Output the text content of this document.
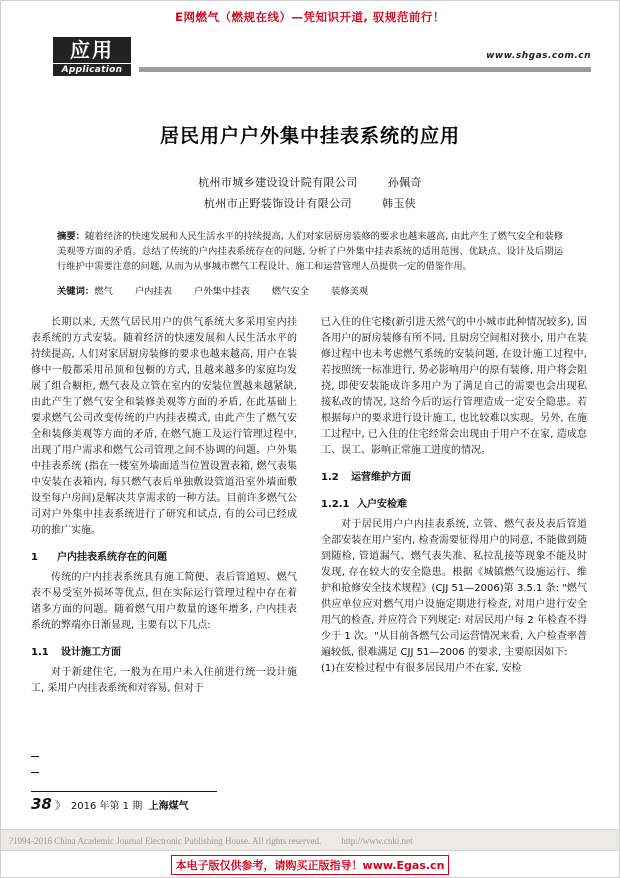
E网燃气（燃规在线）—凭知识开道, 驭规范前行！
应用
Application
www.shgas.com.cn
居民用户户外集中挂表系统的应用
杭州市城乡建设设计院有限公司	孙佩奇
杭州市正野装饰设计有限公司	韩玉侠
摘要：随着经济的快速发展和人民生活水平的持续提高, 人们对家居厨房装修的要求也越来越高, 由此产生了燃气安全和装修美观等方面的矛盾。总结了传统的户内挂表系统存在的问题, 分析了户外集中挂表系统的适用范围、优缺点、设计及后期运行维护中需要注意的问题, 从而为从事城市燃气工程设计、施工和运营管理人员提供一定的借鉴作用。
关键词：燃气 户内挂表 户外集中挂表 燃气安全 装修美观

长期以来, 天然气居民用户的供气系统大多采用室内挂表系统的方式安装。随着经济的快速发展和人民生活水平的持续提高, 人们对家居厨房装修的要求也越来越高, 用户在装修中一般都采用吊顶和包橱的方式, 且越来越多的家庭均发展了组合橱柜, 燃气表及立管在室内的安装位置越来越紧缺, 由此产生了燃气安全和装修美观等方面的矛盾, 在此基础上要求燃气公司改变传统的户内挂表模式, 由此产生了燃气安全和装修美观等方面的矛盾, 在燃气施工及运行管理过程中, 出现了用户需求和燃气公司管理之间不协调的问题。户外集中挂表系统 (指在一楼室外墙面适当位置设置表箱, 燃气表集中安装在表箱内, 每只燃气表后单独敷设管道沿室外墙面敷设至每户房间)是解决共享需求的一种方法。目前许多燃气公司对户外集中挂表系统进行了研究和试点, 有的公司已经成功的推广实施。

1 户内挂表系统存在的问题

传统的户内挂表系统具有施工简便、表后管道短、燃气表不易受室外损坏等优点, 但在实际运行管理过程中存在着诸多方面的问题。随着燃气用户数量的逐年增多, 户内挂表系统的弊端亦日渐显现, 主要有以下几点:

1.1 设计施工方面

对于新建住宅, 一般为在用户未入住前进行统一设计施工, 采用户内挂表系统和对容易, 但对于

已入住的住宅楼(新引进天然气的中小城市此种情况较多), 因各用户的厨房装修有所不同, 且厨房空间相对狭小, 用户在装修过程中也未考虑燃气系统的安装问题, 在设计施工过程中, 若按照统一标准进行, 势必影响用户的原有装修, 用户将会阻挠, 即使安装能成许多用户为了满足自己的需要也会出现私接私改的情况, 这给今后的运行管理造成一定安全隐患。若根据每户的要求进行设计施工, 也比较难以实现。另外, 在施工过程中, 已入住的住宅经常会出现由于用户不在家, 造成怠工、误工、影响正常施工进度的情况。

1.2 运营维护方面
1.2.1 入户安检难

对于居民用户户内挂表系统, 立管、燃气表及表后管道全部安装在用户室内, 检查需要征得用户的同意, 不能做到随到随检, 管道漏气、燃气表失准、私拉乱接等现象不能及时发现, 存在较大的安全隐患。根据《城镇燃气设施运行、维护和抢修安全技术规程》(CJJ 51—2006)第 3.5.1 条: "燃气供应单位应对燃气用户设施定期进行检查, 对用户进行安全用气的检查, 并应符合下列规定: 对居民用户每 2 年检查不得少于 1 次。"从目前各燃气公司运营情况来看, 入户检查率普遍较低, 很难满足 CJJ 51—2006 的要求, 主要原因如下:

(1)在安检过程中有很多居民用户不在家, 安检

38 》 2016 年第 1 期 上海煤气
?1994-2016 China Academic Journal Electronic Publishing House. All rights reserved. http://www.cnki.net
本电子版仅供参考，请购买正版指导！www.Egas.cn
